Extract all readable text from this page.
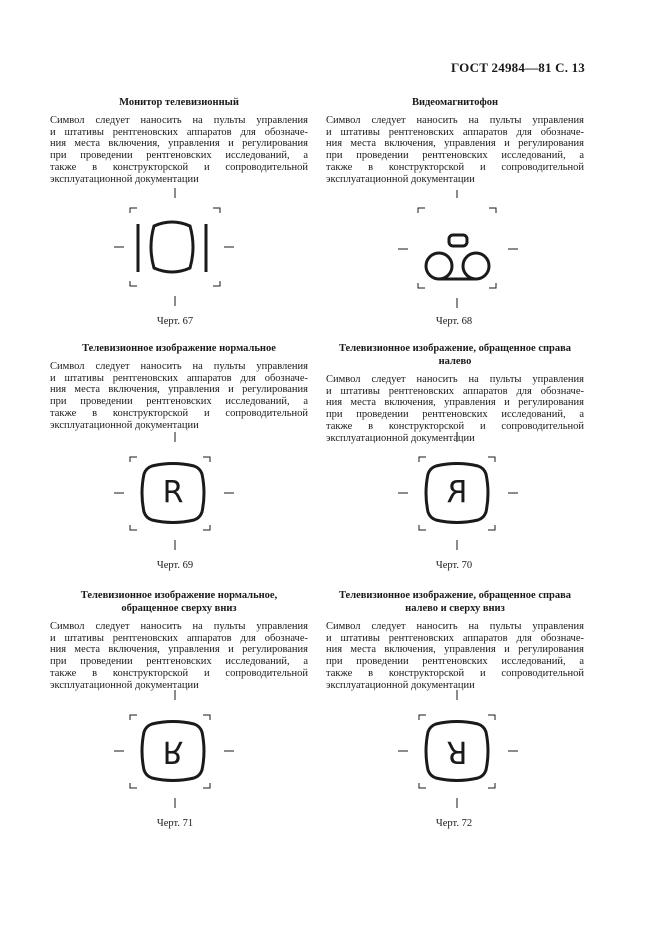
ГОСТ 24984—81 С. 13
Монитор телевизионный
Символ следует наносить на пульты управления
и штативы рентгеновских аппаратов для обозначе-
ния места включения, управления и регулирования
при проведении рентгеновских исследований, а
также в конструкторской и сопроводительной
эксплуатационной документации
Черт. 67
Видеомагнитофон
Символ следует наносить на пульты управления
и штативы рентгеновских аппаратов для обозначе-
ния места включения, управления и регулирования
при проведении рентгеновских исследований, а
также в конструкторской и сопроводительной
эксплуатационной документации
Черт. 68
Телевизионное изображение нормальное
Символ следует наносить на пульты управления
и штативы рентгеновских аппаратов для обозначе-
ния места включения, управления и регулирования
при проведении рентгеновских исследований, а
также в конструкторской и сопроводительной
эксплуатационной документации
R
Черт. 69
Телевизионное изображение, обращенное справа налево
Символ следует наносить на пульты управления
и штативы рентгеновских аппаратов для обозначе-
ния места включения, управления и регулирования
при проведении рентгеновских исследований, а
также в конструкторской и сопроводительной
эксплуатационной документации
R
Черт. 70
Телевизионное изображение нормальное,
обращенное сверху вниз
Символ следует наносить на пульты управления
и штативы рентгеновских аппаратов для обозначе-
ния места включения, управления и регулирования
при проведении рентгеновских исследований, а
также в конструкторской и сопроводительной
эксплуатационной документации
R
Черт. 71
Телевизионное изображение, обращенное справа
налево и сверху вниз
Символ следует наносить на пульты управления
и штативы рентгеновских аппаратов для обозначе-
ния места включения, управления и регулирования
при проведении рентгеновских исследований, а
также в конструкторской и сопроводительной
эксплуатационной документации
R
Черт. 72
